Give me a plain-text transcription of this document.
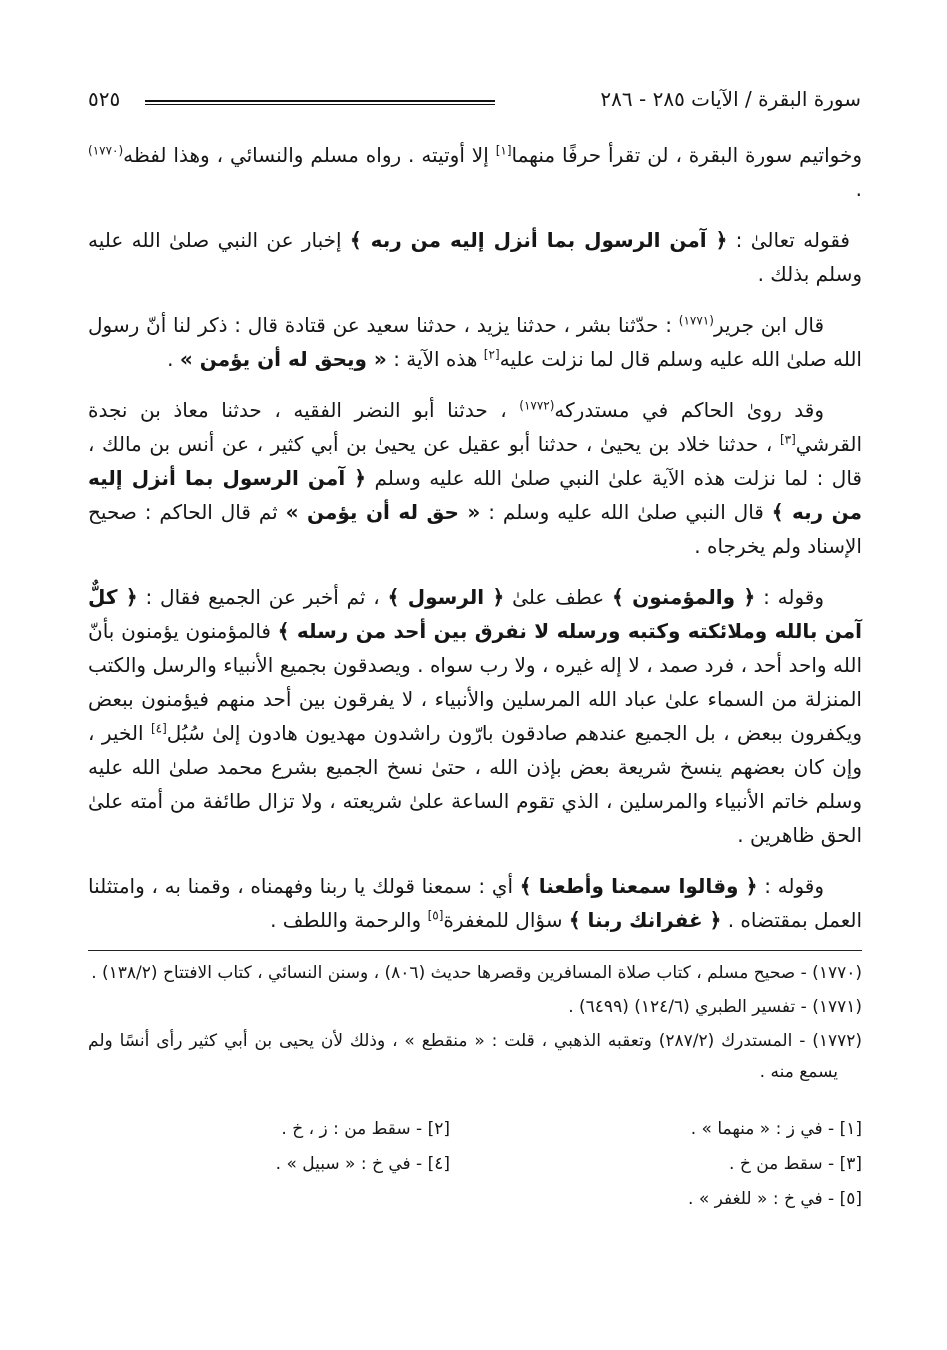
سورة البقرة / الآيات ٢٨٥ - ٢٨٦
٥٢٥

وخواتيم سورة البقرة ، لن تقرأ حرفًا منهما[١] إلا أوتيته . رواه مسلم والنسائي ، وهذا لفظه$^{(١٧٧٠)}$ .

فقوله تعالىٰ : ﴿ آمن الرسول بما أنزل إليه من ربه ﴾ إخبار عن النبي صلىٰ الله عليه وسلم بذلك .

قال ابن جرير$^{(١٧٧١)}$ : حدّثنا بشر ، حدثنا يزيد ، حدثنا سعيد عن قتادة قال : ذكر لنا أنّ رسول الله صلىٰ الله عليه وسلم قال لما نزلت عليه[٢] هذه الآية : « ويحق له أن يؤمن » .

وقد روىٰ الحاكم في مستدركه$^{(١٧٧٢)}$ ، حدثنا أبو النضر الفقيه ، حدثنا معاذ بن نجدة القرشي[٣] ، حدثنا خلاد بن يحيىٰ ، حدثنا أبو عقيل عن يحيىٰ بن أبي كثير ، عن أنس بن مالك ، قال : لما نزلت هذه الآية علىٰ النبي صلىٰ الله عليه وسلم ﴿ آمن الرسول بما أنزل إليه من ربه ﴾ قال النبي صلىٰ الله عليه وسلم : « حق له أن يؤمن » ثم قال الحاكم : صحيح الإسناد ولم يخرجاه .

وقوله : ﴿ والمؤمنون ﴾ عطف علىٰ ﴿ الرسول ﴾ ، ثم أخبر عن الجميع فقال : ﴿ كلٌّ آمن بالله وملائكته وكتبه ورسله لا نفرق بين أحد من رسله ﴾ فالمؤمنون يؤمنون بأنّ الله واحد أحد ، فرد صمد ، لا إله غيره ، ولا رب سواه . ويصدقون بجميع الأنبياء والرسل والكتب المنزلة من السماء علىٰ عباد الله المرسلين والأنبياء ، لا يفرقون بين أحد منهم فيؤمنون ببعض ويكفرون ببعض ، بل الجميع عندهم صادقون بارّون راشدون مهديون هادون إلىٰ سُبُل[٤] الخير ، وإن كان بعضهم ينسخ شريعة بعض بإذن الله ، حتىٰ نسخ الجميع بشرع محمد صلىٰ الله عليه وسلم خاتم الأنبياء والمرسلين ، الذي تقوم الساعة علىٰ شريعته ، ولا تزال طائفة من أمته علىٰ الحق ظاهرين .

وقوله : ﴿ وقالوا سمعنا وأطعنا ﴾ أي : سمعنا قولك يا ربنا وفهمناه ، وقمنا به ، وامتثلنا العمل بمقتضاه . ﴿ غفرانك ربنا ﴾ سؤال للمغفرة[٥] والرحمة واللطف .

(١٧٧٠) - صحيح مسلم ، كتاب صلاة المسافرين وقصرها حديث (٨٠٦) ، وسنن النسائي ، كتاب الافتتاح (١٣٨/٢) .

(١٧٧١) - تفسير الطبري (١٢٤/٦) (٦٤٩٩) .

(١٧٧٢) - المستدرك (٢٨٧/٢) وتعقبه الذهبي ، قلت : « منقطع » ، وذلك لأن يحيى بن أبي كثير رأى أنسًا ولم يسمع منه .

[١] - في ز : « منهما » .
[٢] - سقط من : ز ، خ .
[٣] - سقط من خ .
[٤] - في خ : « سبيل » .
[٥] - في خ : « للغفر » .
